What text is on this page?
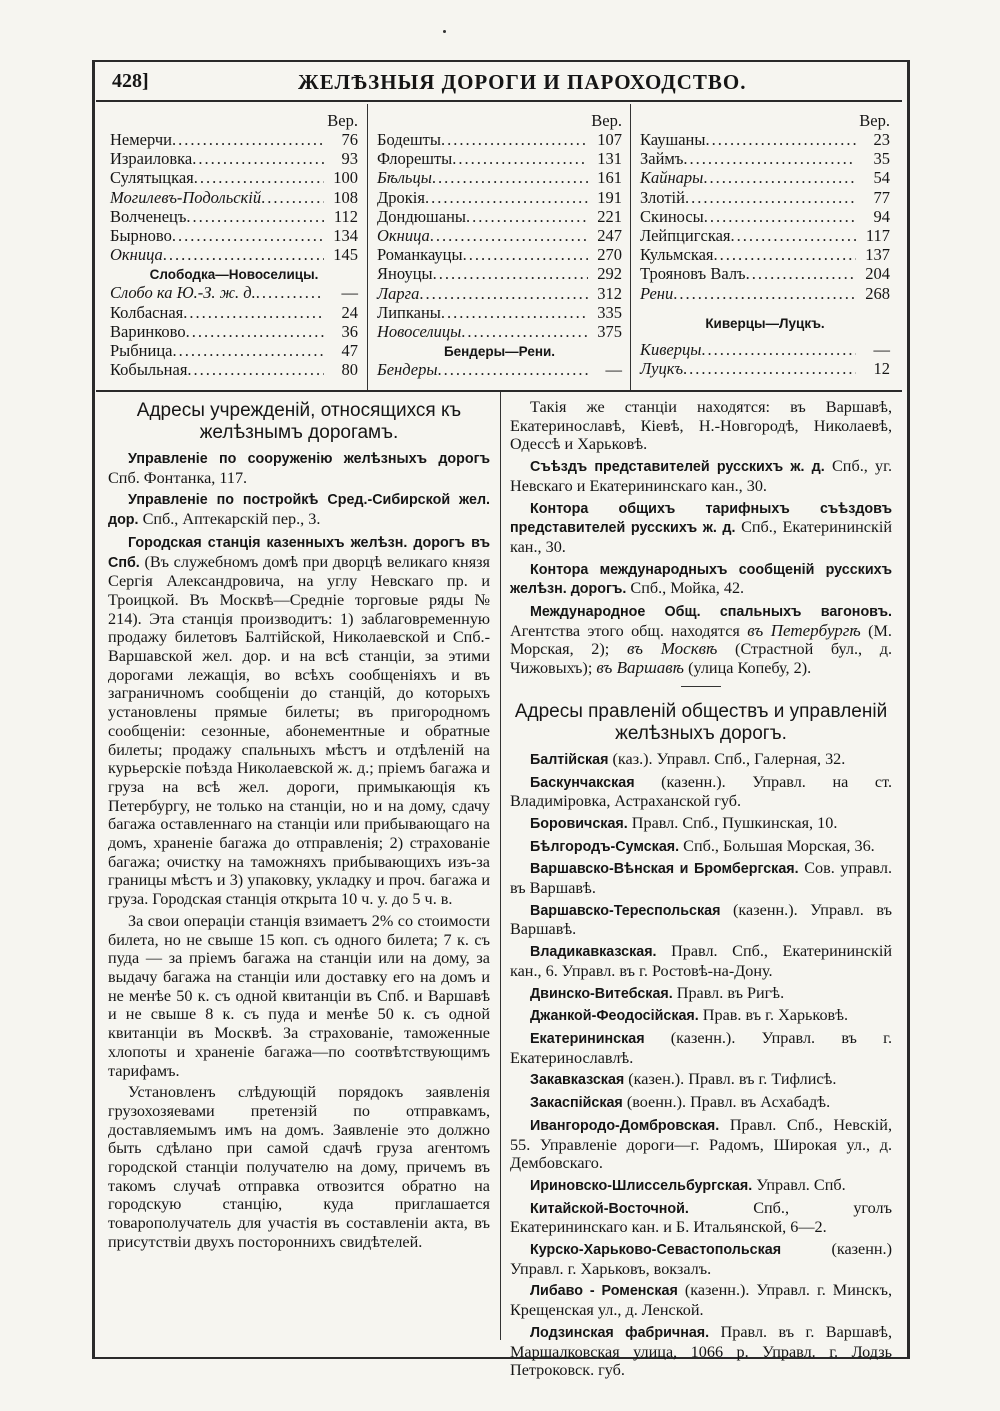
428]	ЖЕЛѢЗНЫЯ ДОРОГИ И ПАРОХОДСТВО.
Вер.
Немерчи .....	76
Израиловка .....	93
Сулятыцкая .....	100
Могилевъ-Подольскій .....	108
Волченецъ .....	112
Бырново .....	134
Окница .....	145
Слободка—Новоселицы.
Слобо ка Ю.-З. ж. д. .....	—
Колбасная .....	24
Варинково .....	36
Рыбница .....	47
Кобыльная .....	80
Вер.
Бодешты .....	107
Флорешты .....	131
Бѣльцы .....	161
Дрокія .....	191
Дондюшаны .....	221
Окница .....	247
Романкауцы .....	270
Яноуцы .....	292
Ларга .....	312
Липканы .....	335
Новоселицы .....	375
Бендеры—Рени.
Бендеры .....	—
Вер.
Каушаны .....	23
Займъ .....	35
Кайнары .....	54
Злотій .....	77
Скиносы .....	94
Лейпцигская .....	117
Кульмская .....	137
Трояновъ Валъ .....	204
Рени .....	268
Киверцы—Луцкъ.
Киверцы .....	—
Луцкъ .....	12
Адресы учрежденій, относящихся къ желѣзнымъ дорогамъ.

Управленіе по сооруженію желѣзныхъ дорогъ Спб. Фонтанка, 117.

Управленіе по постройкѣ Сред.-Сибирской жел. дор. Спб., Аптекарскій пер., 3.

Городская станція казенныхъ желѣзн. дорогъ въ Спб. (Въ служебномъ домѣ при дворцѣ великаго князя Сергія Александровича, на углу Невскаго пр. и Троицкой. Въ Москвѣ—Средніе торговые ряды № 214). Эта станція производитъ: 1) заблаговременную продажу билетовъ Балтійской, Николаевской и Спб.-Варшавской жел. дор. и на всѣ станціи, за этими дорогами лежащія, во всѣхъ сообщеніяхъ и въ заграничномъ сообщеніи до станцій, до которыхъ установлены прямые билеты; въ пригородномъ сообщеніи: сезонные, абонементные и обратные билеты; продажу спальныхъ мѣстъ и отдѣленій на курьерскіе поѣзда Николаевской ж. д.; пріемъ багажа и груза на всѣ жел. дороги, примыкающія къ Петербургу, не только на станціи, но и на дому, сдачу багажа оставленнаго на станціи или прибывающаго на домъ, храненіе багажа до отправленія; 2) страхованіе багажа; очистку на таможняхъ прибывающихъ изъ-за границы мѣстъ и 3) упаковку, укладку и проч. багажа и груза. Городская станція открыта 10 ч. у. до 5 ч. в.

За свои операціи станція взимаетъ 2% со стоимости билета, но не свыше 15 коп. съ одного билета; 7 к. съ пуда — за пріемъ багажа на станціи или на дому, за выдачу багажа на станціи или доставку его на домъ и не менѣе 50 к. съ одной квитанціи въ Спб. и Варшавѣ и не свыше 8 к. съ пуда и менѣе 50 к. съ одной квитанціи въ Москвѣ. За страхованіе, таможенные хлопоты и храненіе багажа—по соотвѣтствующимъ тарифамъ.

Установленъ слѣдующій порядокъ заявленія грузохозяевами претензій по отправкамъ, доставляемымъ имъ на домъ. Заявленіе это должно быть сдѣлано при самой сдачѣ груза агентомъ городской станціи получателю на дому, причемъ въ такомъ случаѣ отправка отвозится обратно на городскую станцію, куда приглашается товарополучатель для участія въ составленіи акта, въ присутствіи двухъ постороннихъ свидѣтелей.

Такія же станціи находятся: въ Варшавѣ, Екатеринославѣ, Кіевѣ, Н.-Новгородѣ, Николаевѣ, Одессѣ и Харьковѣ.

Съѣздъ представителей русскихъ ж. д. Спб., уг. Невскаго и Екатерининскаго кан., 30.

Контора общихъ тарифныхъ съѣздовъ представителей русскихъ ж. д. Спб., Екатерининскій кан., 30.

Контора международныхъ сообщеній русскихъ желѣзн. дорогъ. Спб., Мойка, 42.

Международное Общ. спальныхъ вагоновъ. Агентства этого общ. находятся въ Петербургѣ (М. Морская, 2); въ Москвѣ (Страстной бул., д. Чижовыхъ); въ Варшавѣ (улица Копебу, 2).

Адресы правленій обществъ и управленій желѣзныхъ дорогъ.

Балтійская (каз.). Управл. Спб., Галерная, 32.

Баскунчакская (казенн.). Управл. на ст. Владиміровка, Астраханской губ.

Боровичская. Правл. Спб., Пушкинская, 10.

Бѣлгородъ-Сумская. Спб., Большая Морская, 36.

Варшавско-Вѣнская и Бромбергская. Сов. управл. въ Варшавѣ.

Варшавско-Тереспольская (казенн.). Управл. въ Варшавѣ.

Владикавказская. Правл. Спб., Екатерининскій кан., 6. Управл. въ г. Ростовѣ-на-Дону.

Двинско-Витебская. Правл. въ Ригѣ.

Джанкой-Феодосійская. Прав. въ г. Харьковѣ.

Екатерининская (казенн.). Управл. въ г. Екатеринославлѣ.

Закавказская (казен.). Правл. въ г. Тифлисѣ.

Закаспійская (военн.). Правл. въ Асхабадѣ.

Ивангородо-Домбровская. Правл. Спб., Невскій, 55. Управленіе дороги—г. Радомъ, Широкая ул., д. Дембовскаго.

Ириновско-Шлиссельбургская. Управл. Спб.

Китайской-Восточной. Спб., уголъ Екатерининскаго кан. и Б. Итальянской, 6—2.

Курско-Харьково-Севастопольская (казенн.) Управл. г. Харьковъ, вокзалъ.

Либаво - Роменская (казенн.). Управл. г. Минскъ, Крещенская ул., д. Ленской.

Лодзинская фабричная. Правл. въ г. Варшавѣ, Маршалковская улица, 1066 р. Управл. г. Лодзь Петроковск. губ.
